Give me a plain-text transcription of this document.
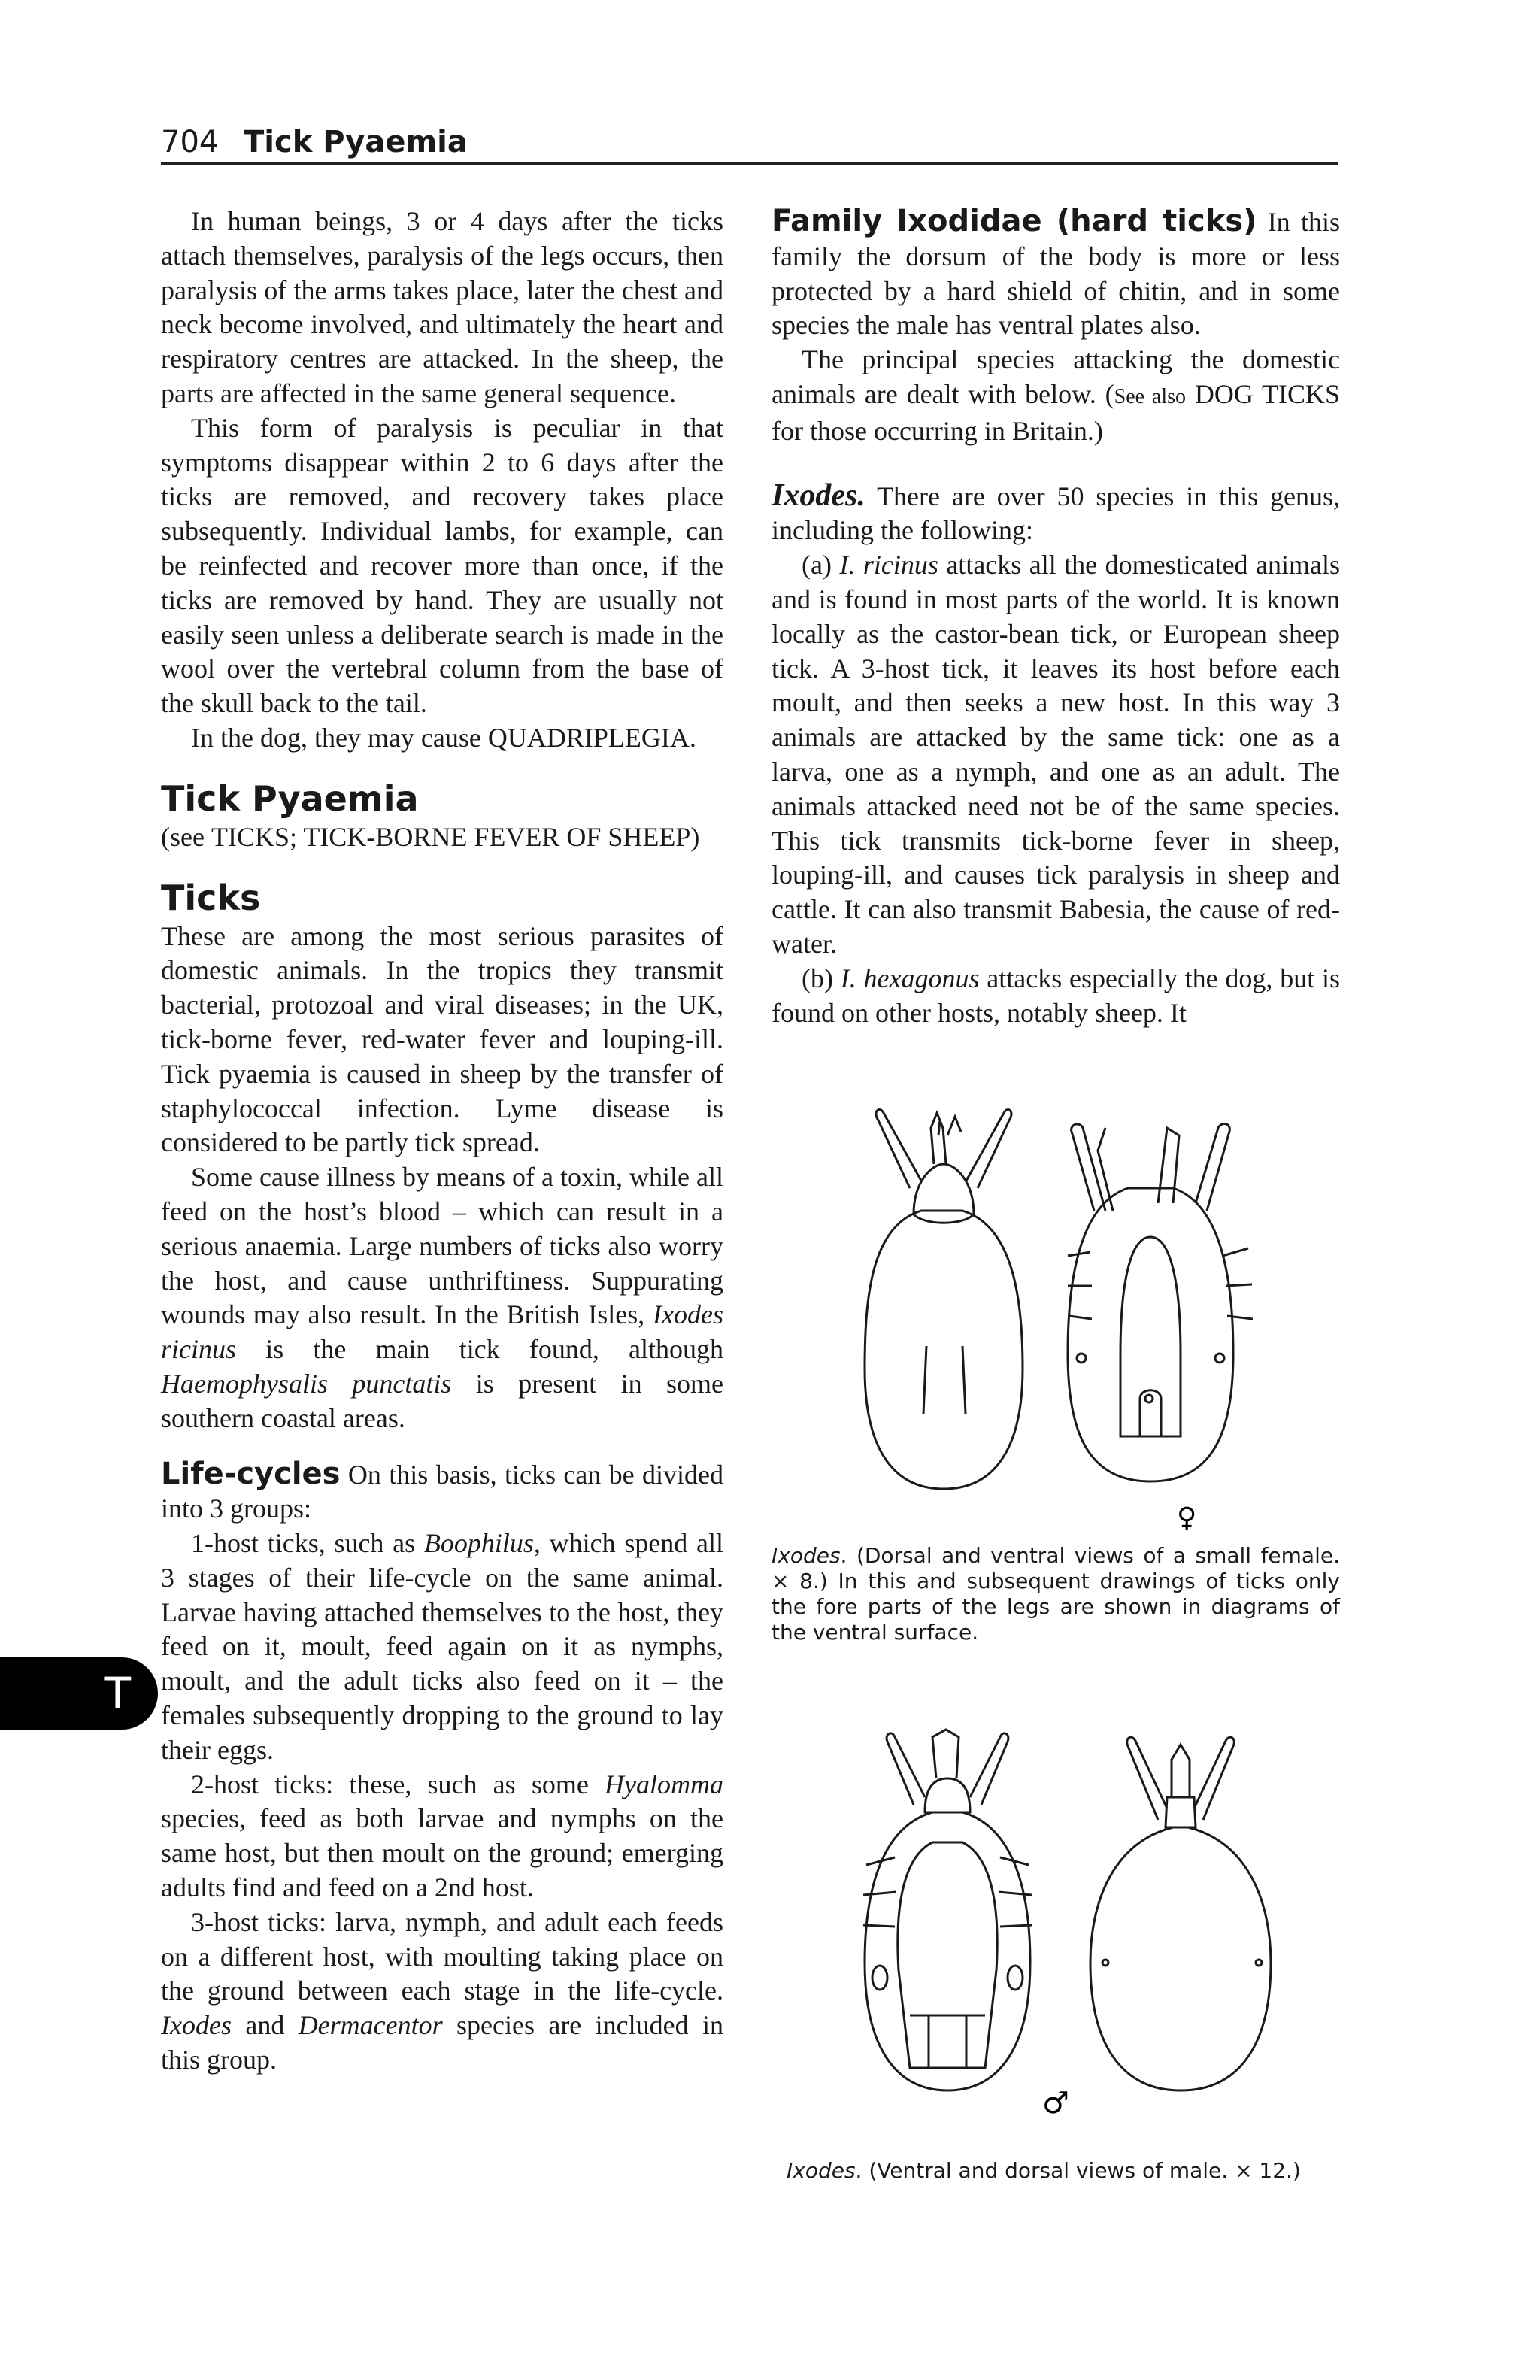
704 Tick Pyaemia

In human beings, 3 or 4 days after the ticks attach themselves, paralysis of the legs occurs, then paralysis of the arms takes place, later the chest and neck become involved, and ultimately the heart and respiratory centres are attacked. In the sheep, the parts are affected in the same general sequence.

This form of paralysis is peculiar in that symptoms disappear within 2 to 6 days after the ticks are removed, and recovery takes place subsequently. Individual lambs, for example, can be reinfected and recover more than once, if the ticks are removed by hand. They are usually not easily seen unless a deliberate search is made in the wool over the vertebral column from the base of the skull back to the tail.

In the dog, they may cause QUADRIPLEGIA.

Tick Pyaemia

(see TICKS; TICK-BORNE FEVER OF SHEEP)

Ticks

These are among the most serious parasites of domestic animals. In the tropics they transmit bacterial, protozoal and viral diseases; in the UK, tick-borne fever, red-water fever and louping-ill. Tick pyaemia is caused in sheep by the transfer of staphylococcal infection. Lyme disease is considered to be partly tick spread.

Some cause illness by means of a toxin, while all feed on the host’s blood – which can result in a serious anaemia. Large numbers of ticks also worry the host, and cause unthriftiness. Suppurating wounds may also result. In the British Isles, Ixodes ricinus is the main tick found, although Haemophysalis punctatis is present in some southern coastal areas.

Life-cycles On this basis, ticks can be divided into 3 groups:

1-host ticks, such as Boophilus, which spend all 3 stages of their life-cycle on the same animal. Larvae having attached themselves to the host, they feed on it, moult, feed again on it as nymphs, moult, and the adult ticks also feed on it – the females subsequently dropping to the ground to lay their eggs.

2-host ticks: these, such as some Hyalomma species, feed as both larvae and nymphs on the same host, but then moult on the ground; emerging adults find and feed on a 2nd host.

3-host ticks: larva, nymph, and adult each feeds on a different host, with moulting taking place on the ground between each stage in the life-cycle. Ixodes and Dermacentor species are included in this group.

Family Ixodidae (hard ticks) In this family the dorsum of the body is more or less protected by a hard shield of chitin, and in some species the male has ventral plates also.

The principal species attacking the domestic animals are dealt with below. (See also DOG TICKS for those occurring in Britain.)

Ixodes. There are over 50 species in this genus, including the following:

(a) I. ricinus attacks all the domesticated animals and is found in most parts of the world. It is known locally as the castor-bean tick, or European sheep tick. A 3-host tick, it leaves its host before each moult, and then seeks a new host. In this way 3 animals are attacked by the same tick: one as a larva, one as a nymph, and one as an adult. The animals attacked need not be of the same species. This tick transmits tick-borne fever in sheep, louping-ill, and causes tick paralysis in sheep and cattle. It can also transmit Babesia, the cause of red-water.

(b) I. hexagonus attacks especially the dog, but is found on other hosts, notably sheep. It

♀
Ixodes. (Dorsal and ventral views of a small female. × 8.) In this and subsequent drawings of ticks only the fore parts of the legs are shown in diagrams of the ventral surface.
♂
Ixodes. (Ventral and dorsal views of male. × 12.)
T
